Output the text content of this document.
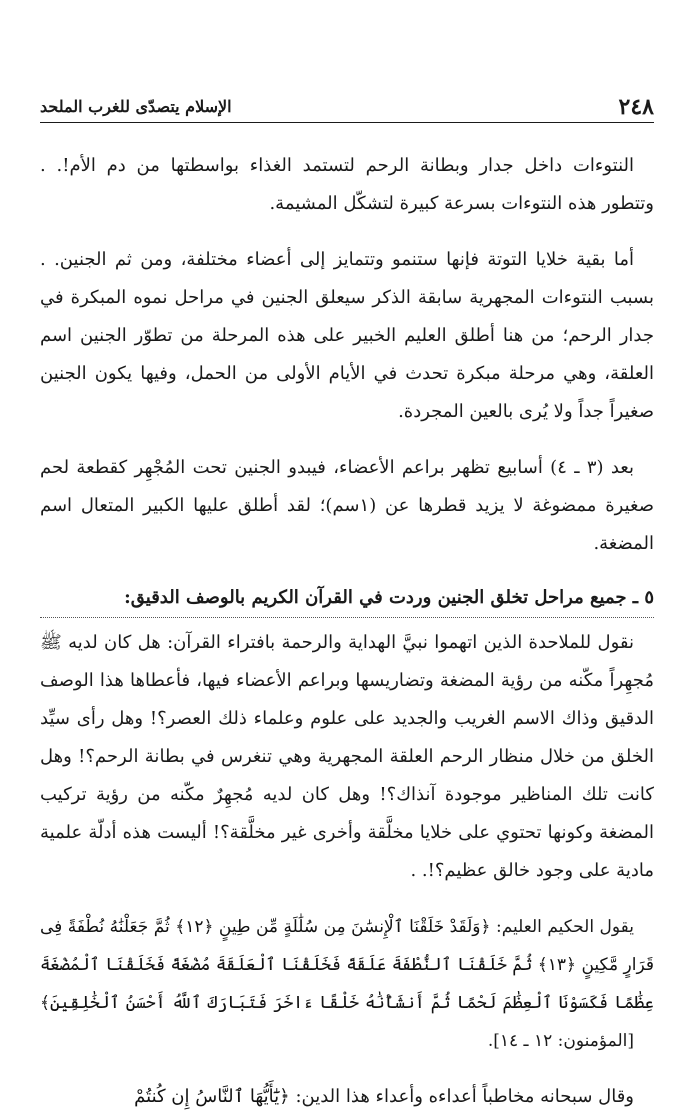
٢٤٨
الإسلام يتصدّى للغرب الملحد

النتوءات داخل جدار وبطانة الرحم لتستمد الغذاء بواسطتها من دم الأم!. . وتتطور هذه النتوءات بسرعة كبيرة لتشكّل المشيمة.

أما بقية خلايا التوتة فإنها ستنمو وتتمايز إلى أعضاء مختلفة، ومن ثم الجنين. . بسبب النتوءات المجهرية سابقة الذكر سيعلق الجنين في مراحل نموه المبكرة في جدار الرحم؛ من هنا أطلق العليم الخبير على هذه المرحلة من تطوّر الجنين اسم العلقة، وهي مرحلة مبكرة تحدث في الأيام الأولى من الحمل، وفيها يكون الجنين صغيراً جداً ولا يُرى بالعين المجردة.

بعد (٣ ـ ٤) أسابيع تظهر براعم الأعضاء، فيبدو الجنين تحت المُجْهِر كقطعة لحم صغيرة ممضوغة لا يزيد قطرها عن (١سم)؛ لقد أطلق عليها الكبير المتعال اسم المضغة.

٥ ـ جميع مراحل تخلق الجنين وردت في القرآن الكريم بالوصف الدقيق:

نقول للملاحدة الذين اتهموا نبيَّ الهداية والرحمة بافتراء القرآن: هل كان لديه ﷺ مُجهِراً مكّنه من رؤية المضغة وتضاريسها وبراعم الأعضاء فيها، فأعطاها هذا الوصف الدقيق وذاك الاسم الغريب والجديد على علوم وعلماء ذلك العصر؟! وهل رأى سيِّد الخلق من خلال منظار الرحم العلقة المجهرية وهي تنغرس في بطانة الرحم؟! وهل كانت تلك المناظير موجودة آنذاك؟! وهل كان لديه مُجهِرٌ مكّنه من رؤية تركيب المضغة وكونها تحتوي على خلايا مخلَّقة وأخرى غير مخلَّقة؟! أليست هذه أدلّة علمية مادية على وجود خالق عظيم؟!. .

يقول الحكيم العليم: ﴿وَلَقَدْ خَلَقْنَا ٱلْإِنسَٰنَ مِن سُلَٰلَةٍ مِّن طِينٍ ﴿١٢﴾ ثُمَّ جَعَلْنَٰهُ نُطْفَةً فِى قَرَارٍ مَّكِينٍ ﴿١٣﴾ ثُمَّ خَلَقْنَا ٱلنُّطْفَةَ عَلَقَةً فَخَلَقْنَا ٱلْعَلَقَةَ مُضْغَةً فَخَلَقْنَا ٱلْمُضْغَةَ عِظَٰمًا فَكَسَوْنَا ٱلْعِظَٰمَ لَحْمًا ثُمَّ أَنشَأْنَٰهُ خَلْقًا ءَاخَرَ فَتَبَارَكَ ٱللَّهُ أَحْسَنُ ٱلْخَٰلِقِينَ﴾ [المؤمنون: ١٢ ـ ١٤].

وقال سبحانه مخاطباً أعداءه وأعداء هذا الدين: ﴿يَٰٓأَيُّهَا ٱلنَّاسُ إِن كُنتُمْ
